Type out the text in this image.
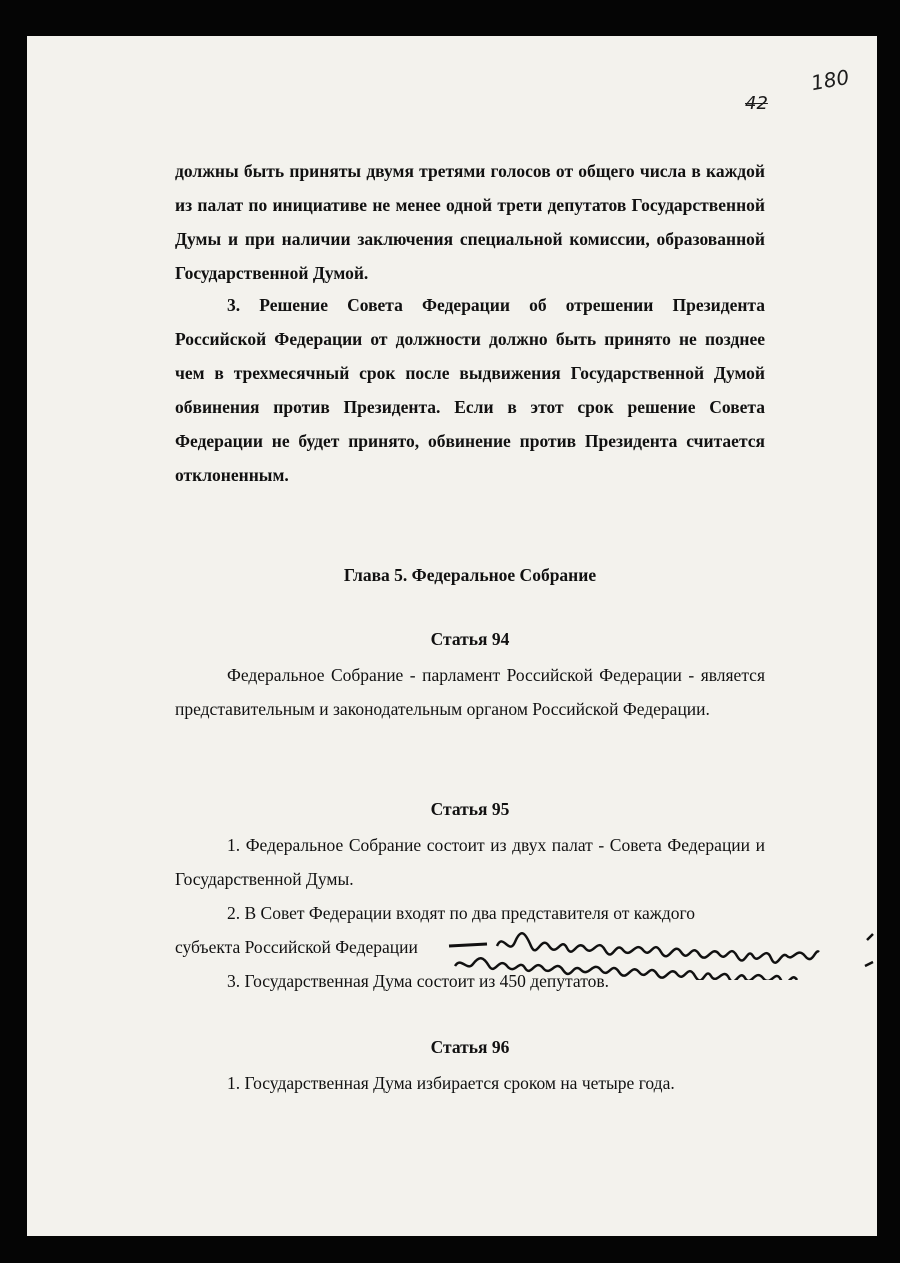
42
180

должны быть приняты двумя третями голосов от общего числа в каждой из палат по инициативе не менее одной трети депутатов Государственной Думы и при наличии заключения специальной комиссии, образованной Государственной Думой.

3. Решение Совета Федерации об отрешении Президента Российской Федерации от должности должно быть принято не позднее чем в трехмесячный срок после выдвижения Государственной Думой обвинения против Президента. Если в этот срок решение Совета Федерации не будет принято, обвинение против Президента считается отклоненным.

Глава 5. Федеральное Собрание
Статья 94

Федеральное Собрание - парламент Российской Федерации - является представительным и законодательным органом Российской Федерации.

Статья 95

1. Федеральное Собрание состоит из двух палат - Совета Федерации и Государственной Думы.

2. В Совет Федерации входят по два представителя от каждого

субъекта Российской Федерации

3. Государственная Дума состоит из 450 депутатов.

Статья 96

1. Государственная Дума избирается сроком на четыре года.
